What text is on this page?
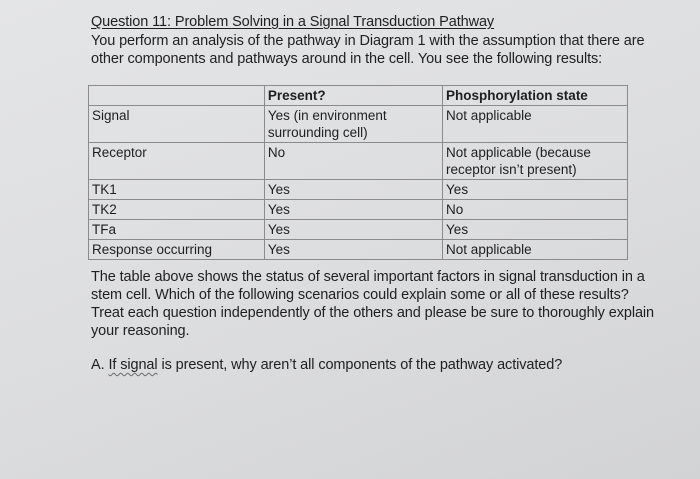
Question 11: Problem Solving in a Signal Transduction Pathway
You perform an analysis of the pathway in Diagram 1 with the assumption that there are other components and pathways around in the cell. You see the following results:
	Present?	Phosphorylation state
Signal	Yes (in environment surrounding cell)	Not applicable
Receptor	No	Not applicable (because receptor isn’t present)
TK1	Yes	Yes
TK2	Yes	No
TFa	Yes	Yes
Response occurring	Yes	Not applicable
The table above shows the status of several important factors in signal transduction in a stem cell. Which of the following scenarios could explain some or all of these results? Treat each question independently of the others and please be sure to thoroughly explain your reasoning.
A. If signal is present, why aren’t all components of the pathway activated?
